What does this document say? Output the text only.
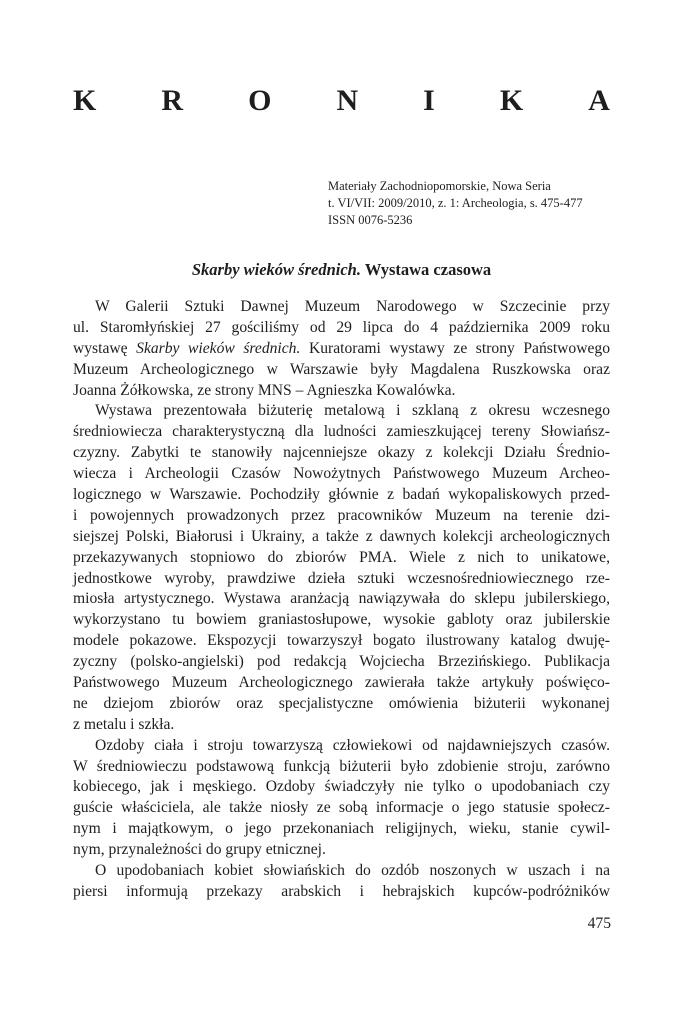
K R O N I K A
Materiały Zachodniopomorskie, Nowa Seria
t. VI/VII: 2009/2010, z. 1: Archeologia, s. 475-477
ISSN 0076-5236
Skarby wieków średnich. Wystawa czasowa
W Galerii Sztuki Dawnej Muzeum Narodowego w Szczecinie przy
ul. Staromłyńskiej 27 gościliśmy od 29 lipca do 4 października 2009 roku
wystawę Skarby wieków średnich. Kuratorami wystawy ze strony Państwowego
Muzeum Archeologicznego w Warszawie były Magdalena Ruszkowska oraz
Joanna Żółkowska, ze strony MNS – Agnieszka Kowalówka.
Wystawa prezentowała biżuterię metalową i szklaną z okresu wczesnego
średniowiecza charakterystyczną dla ludności zamieszkującej tereny Słowiańsz-
czyzny. Zabytki te stanowiły najcenniejsze okazy z kolekcji Działu Średnio-
wiecza i Archeologii Czasów Nowożytnych Państwowego Muzeum Archeo-
logicznego w Warszawie. Pochodziły głównie z badań wykopaliskowych przed-
i powojennych prowadzonych przez pracowników Muzeum na terenie dzi-
siejszej Polski, Białorusi i Ukrainy, a także z dawnych kolekcji archeologicznych
przekazywanych stopniowo do zbiorów PMA. Wiele z nich to unikatowe,
jednostkowe wyroby, prawdziwe dzieła sztuki wczesnośredniowiecznego rze-
miosła artystycznego. Wystawa aranżacją nawiązywała do sklepu jubilerskiego,
wykorzystano tu bowiem graniastosłupowe, wysokie gabloty oraz jubilerskie
modele pokazowe. Ekspozycji towarzyszył bogato ilustrowany katalog dwuję-
zyczny (polsko-angielski) pod redakcją Wojciecha Brzezińskiego. Publikacja
Państwowego Muzeum Archeologicznego zawierała także artykuły poświęco-
ne dziejom zbiorów oraz specjalistyczne omówienia biżuterii wykonanej
z metalu i szkła.
Ozdoby ciała i stroju towarzyszą człowiekowi od najdawniejszych czasów.
W średniowieczu podstawową funkcją biżuterii było zdobienie stroju, zarówno
kobiecego, jak i męskiego. Ozdoby świadczyły nie tylko o upodobaniach czy
guście właściciela, ale także niosły ze sobą informacje o jego statusie społecz-
nym i majątkowym, o jego przekonaniach religijnych, wieku, stanie cywil-
nym, przynależności do grupy etnicznej.
O upodobaniach kobiet słowiańskich do ozdób noszonych w uszach i na
piersi informują przekazy arabskich i hebrajskich kupców-podróżników
475
